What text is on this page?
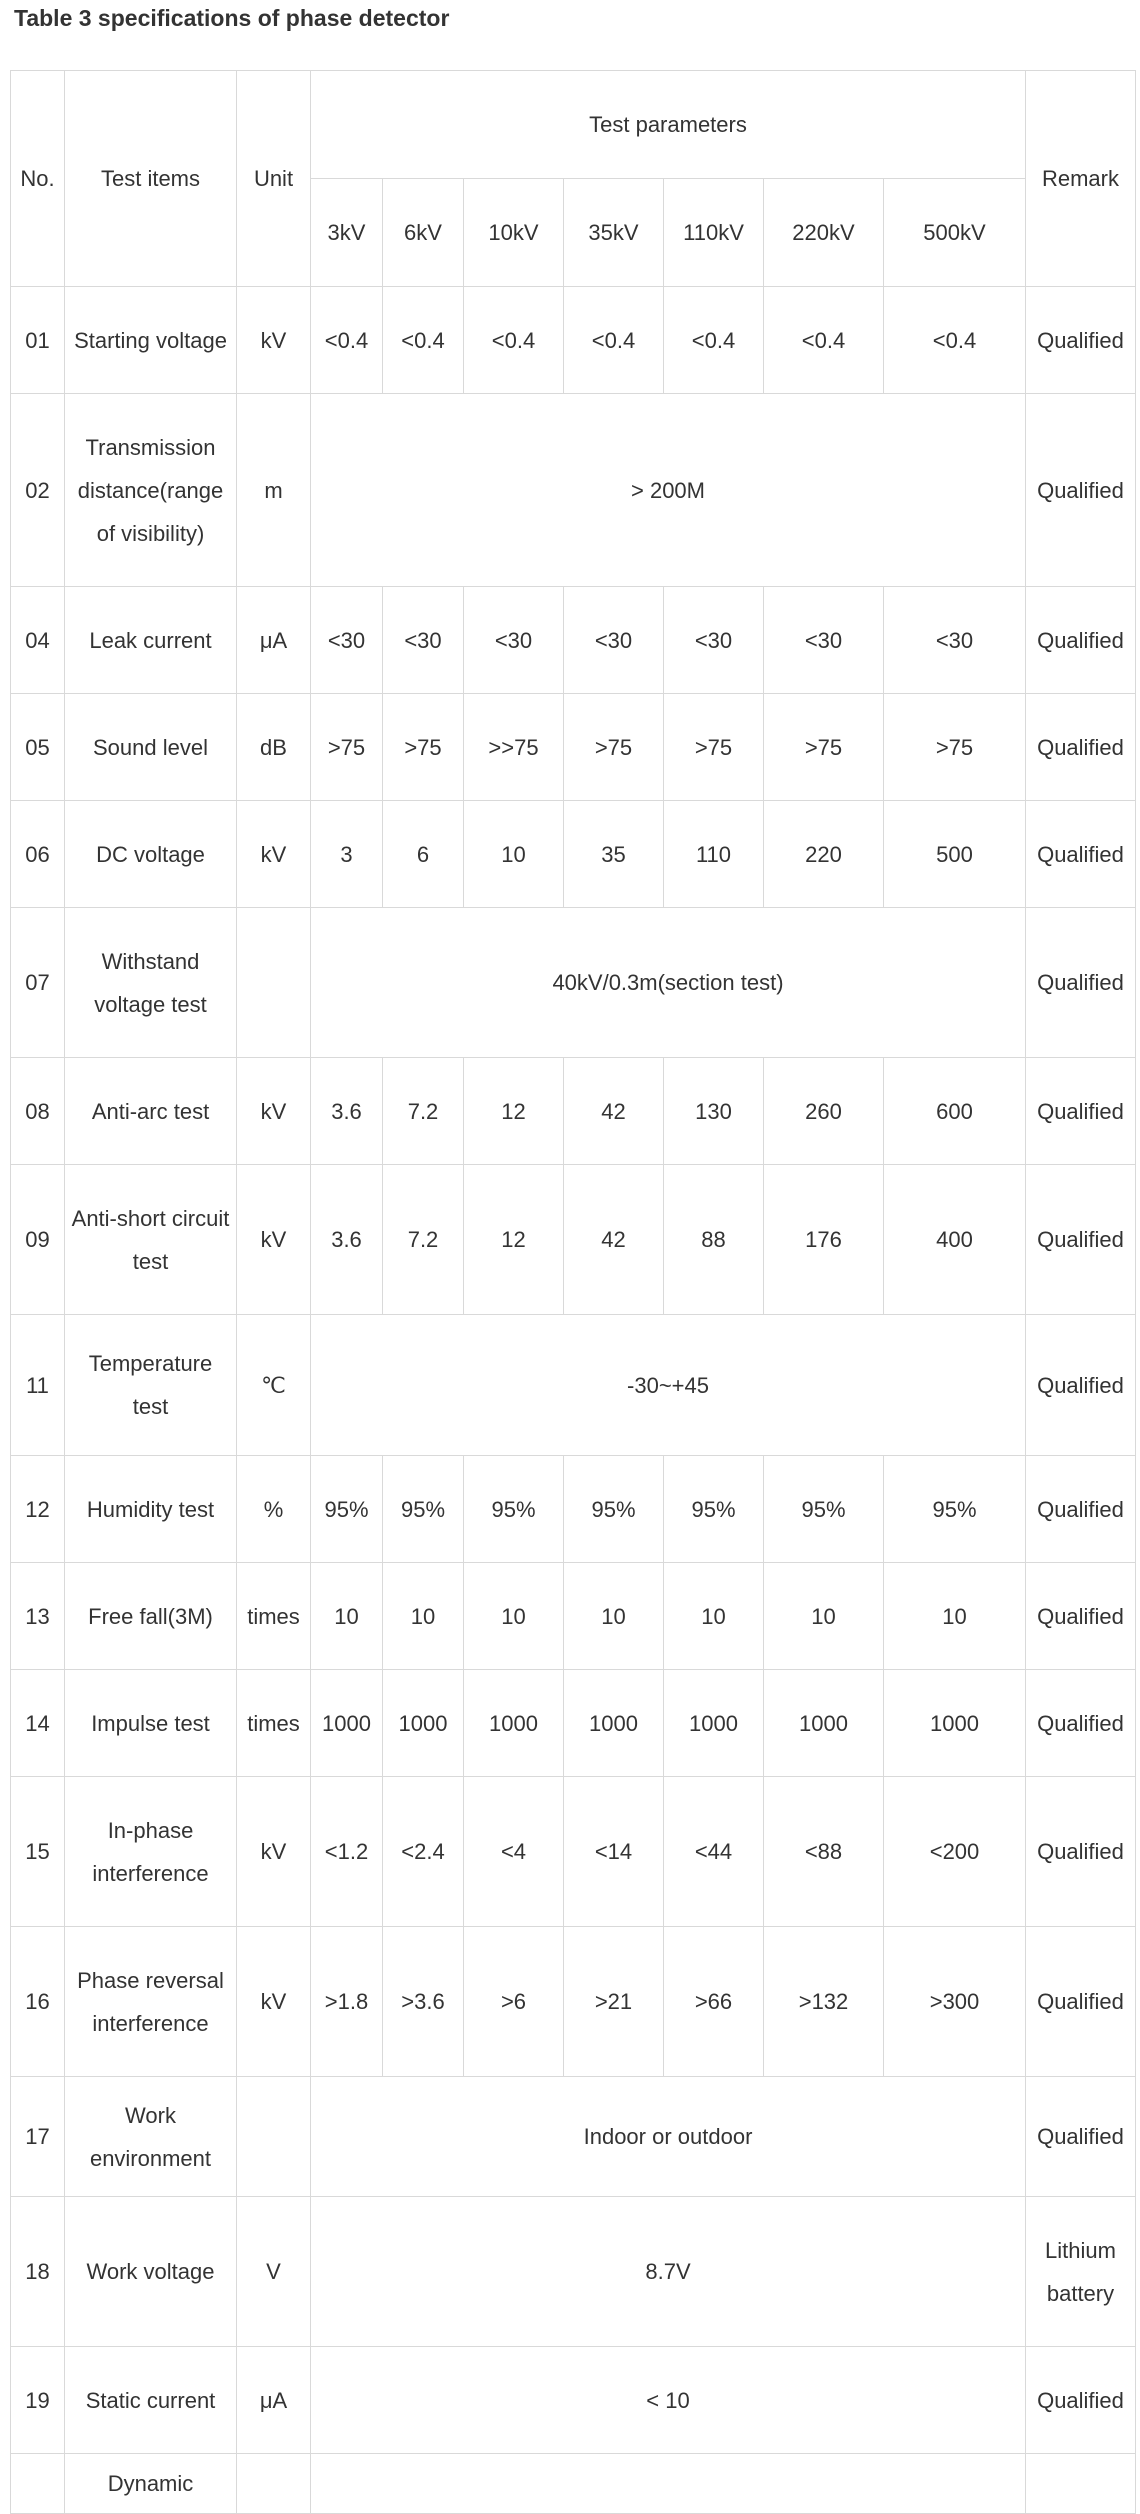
Table 3 specifications of phase detector
No.	Test items	Unit	Test parameters							Remark
			3kV	6kV	10kV	35kV	110kV	220kV	500kV	
01	Starting voltage	kV	<0.4	<0.4	<0.4	<0.4	<0.4	<0.4	<0.4	Qualified
02	Transmission distance(range of visibility)	m	> 200M							Qualified
04	Leak current	μA	<30	<30	<30	<30	<30	<30	<30	Qualified
05	Sound level	dB	>75	>75	>>75	>75	>75	>75	>75	Qualified
06	DC voltage	kV	3	6	10	35	110	220	500	Qualified
07	Withstand voltage test		40kV/0.3m(section test)							Qualified
08	Anti-arc test	kV	3.6	7.2	12	42	130	260	600	Qualified
09	Anti-short circuit test	kV	3.6	7.2	12	42	88	176	400	Qualified
11	Temperature test	℃	-30~+45							Qualified
12	Humidity test	%	95%	95%	95%	95%	95%	95%	95%	Qualified
13	Free fall(3M)	times	10	10	10	10	10	10	10	Qualified
14	Impulse test	times	1000	1000	1000	1000	1000	1000	1000	Qualified
15	In-phase interference	kV	<1.2	<2.4	<4	<14	<44	<88	<200	Qualified
16	Phase reversal interference	kV	>1.8	>3.6	>6	>21	>66	>132	>300	Qualified
17	Work environment		Indoor or outdoor							Qualified
18	Work voltage	V	8.7V							Lithium battery
19	Static current	μA	< 10							Qualified
	Dynamic									
